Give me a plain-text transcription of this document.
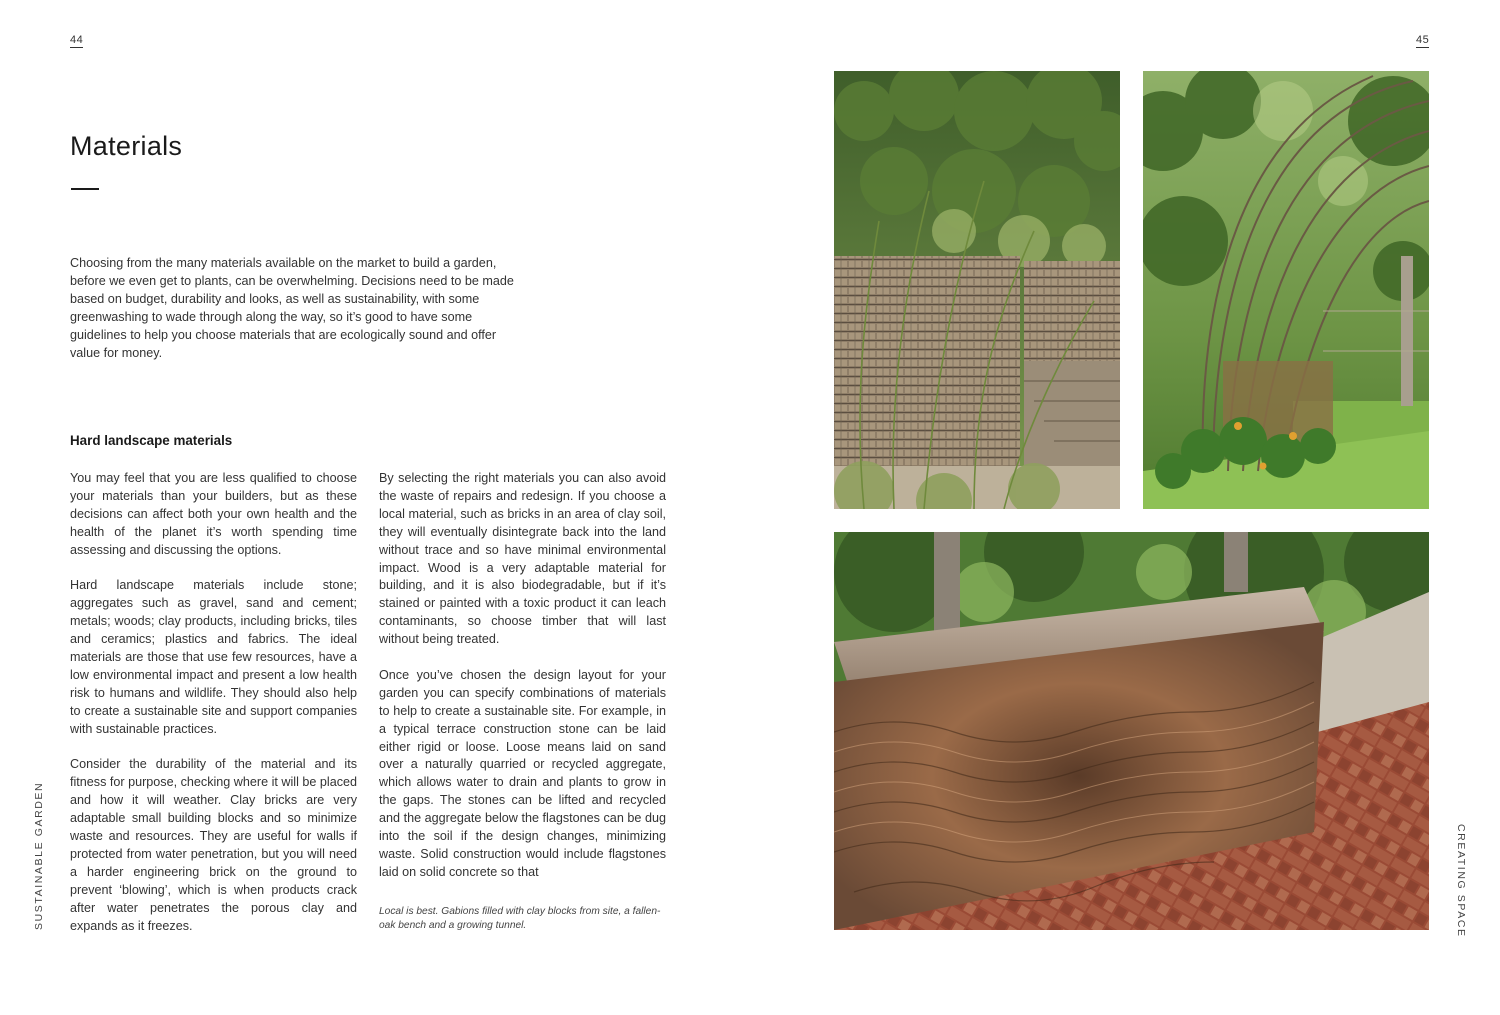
44	45
SUSTAINABLE GARDEN	CREATING SPACE
Materials

Choosing from the many materials available on the market to build a garden, before we even get to plants, can be overwhelming. Decisions need to be made based on budget, durability and looks, as well as sustainability, with some greenwashing to wade through along the way, so it’s good to have some guidelines to help you choose materials that are ecologically sound and offer value for money.

Hard landscape materials

You may feel that you are less qualified to choose your materials than your builders, but as these decisions can affect both your own health and the health of the planet it’s worth spending time assessing and discussing the options.

Hard landscape materials include stone; aggregates such as gravel, sand and cement; metals; woods; clay products, including bricks, tiles and ceramics; plastics and fabrics. The ideal materials are those that use few resources, have a low environmental impact and present a low health risk to humans and wildlife. They should also help to create a sustainable site and support companies with sustainable practices.

Consider the durability of the material and its fitness for purpose, checking where it will be placed and how it will weather. Clay bricks are very adaptable small building blocks and so minimize waste and resources. They are useful for walls if protected from water penetration, but you will need a harder engineering brick on the ground to prevent ‘blowing’, which is when products crack after water penetrates the porous clay and expands as it freezes.

By selecting the right materials you can also avoid the waste of repairs and redesign. If you choose a local material, such as bricks in an area of clay soil, they will eventually disintegrate back into the land without trace and so have minimal environmental impact. Wood is a very adaptable material for building, and it is also biodegradable, but if it’s stained or painted with a toxic product it can leach contaminants, so choose timber that will last without being treated.

Once you’ve chosen the design layout for your garden you can specify combinations of materials to help to create a sustainable site. For example, in a typical terrace construction stone can be laid either rigid or loose. Loose means laid on sand over a naturally quarried or recycled aggregate, which allows water to drain and plants to grow in the gaps. The stones can be lifted and recycled and the aggregate below the flagstones can be dug into the soil if the design changes, minimizing waste. Solid construction would include flagstones laid on solid concrete so that

Local is best. Gabions filled with clay blocks from site, a fallen-oak bench and a growing tunnel.
